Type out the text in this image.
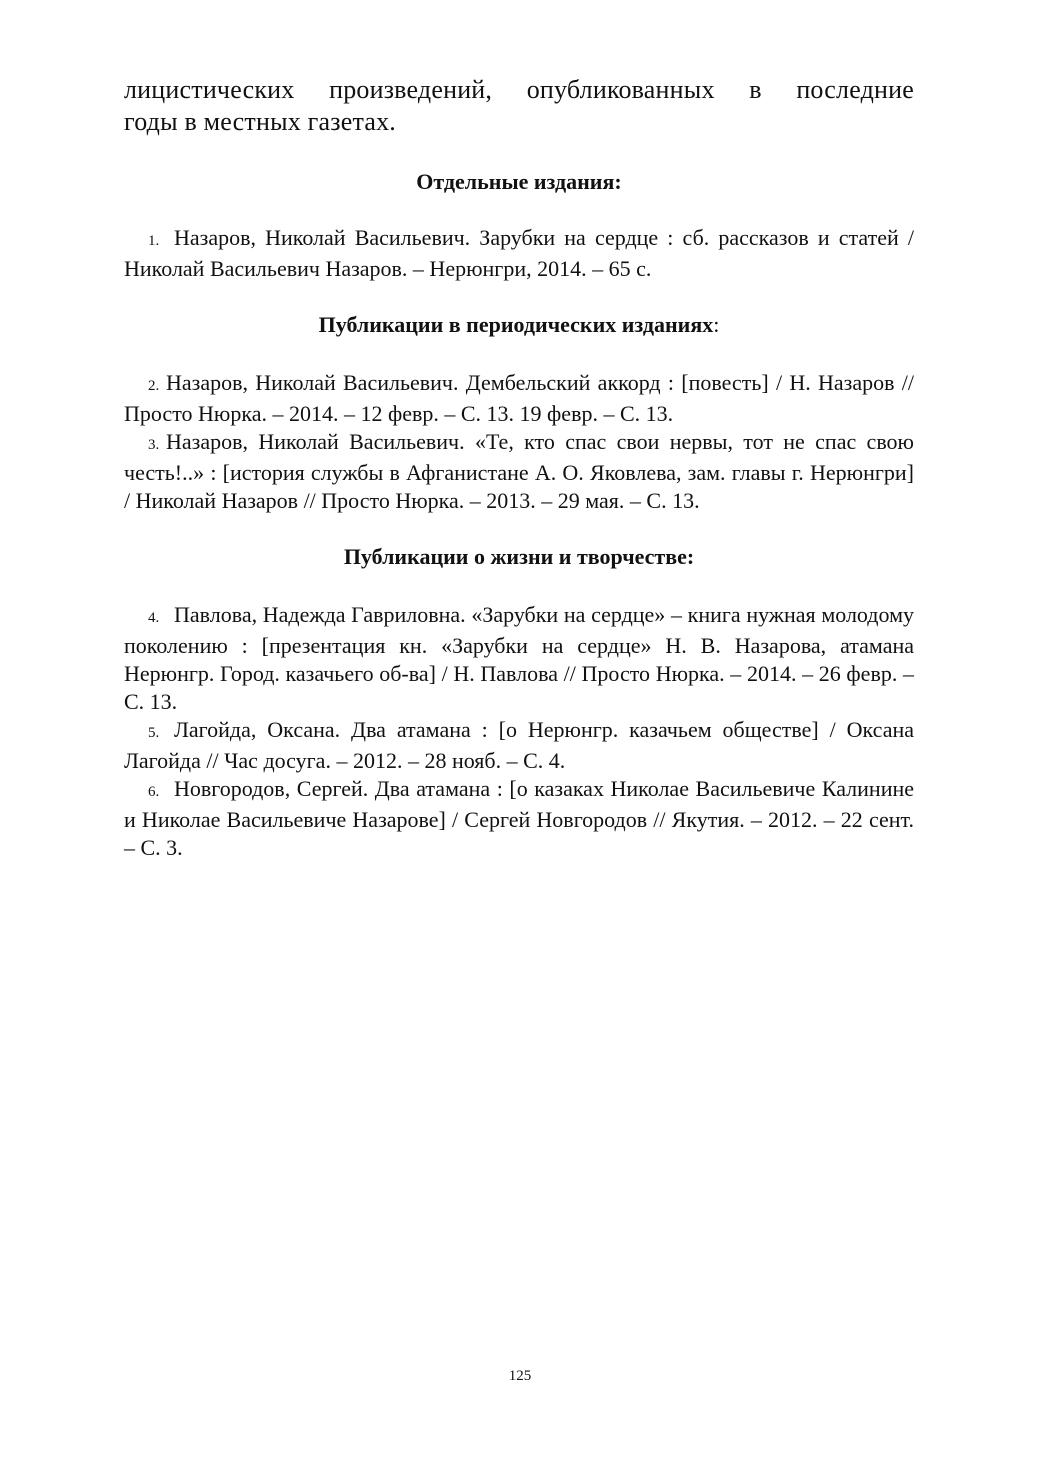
лицистических произведений, опубликованных в последние
годы в местных газетах.

Отдельные издания:

1. Назаров, Николай Васильевич. Зарубки на сердце : сб. рассказов и статей / Николай Васильевич Назаров. – Нерюнгри, 2014. – 65 с.

Публикации в периодических изданиях:

2. Назаров, Николай Васильевич. Дембельский аккорд : [повесть] / Н. Назаров // Просто Нюрка. – 2014. – 12 февр. – С. 13. 19 февр. – С. 13.

3. Назаров, Николай Васильевич. «Те, кто спас свои нервы, тот не спас свою честь!..» : [история службы в Афганистане А. О. Яковлева, зам. главы г. Нерюнгри] / Николай Назаров // Просто Нюрка. – 2013. – 29 мая. – С. 13.

Публикации о жизни и творчестве:

4. Павлова, Надежда Гавриловна. «Зарубки на сердце» – книга нужная молодому поколению : [презентация кн. «Зарубки на сердце» Н. В. Назарова, атамана Нерюнгр. Город. казачьего об-ва] / Н. Павлова // Просто Нюрка. – 2014. – 26 февр. – С. 13.

5. Лагойда, Оксана. Два атамана : [о Нерюнгр. казачьем обществе] / Оксана Лагойда // Час досуга. – 2012. – 28 нояб. – С. 4.

6. Новгородов, Сергей. Два атамана : [о казаках Николае Васильевиче Калинине и Николае Васильевиче Назарове] / Сергей Новгородов // Якутия. – 2012. – 22 сент. – С. 3.

125
